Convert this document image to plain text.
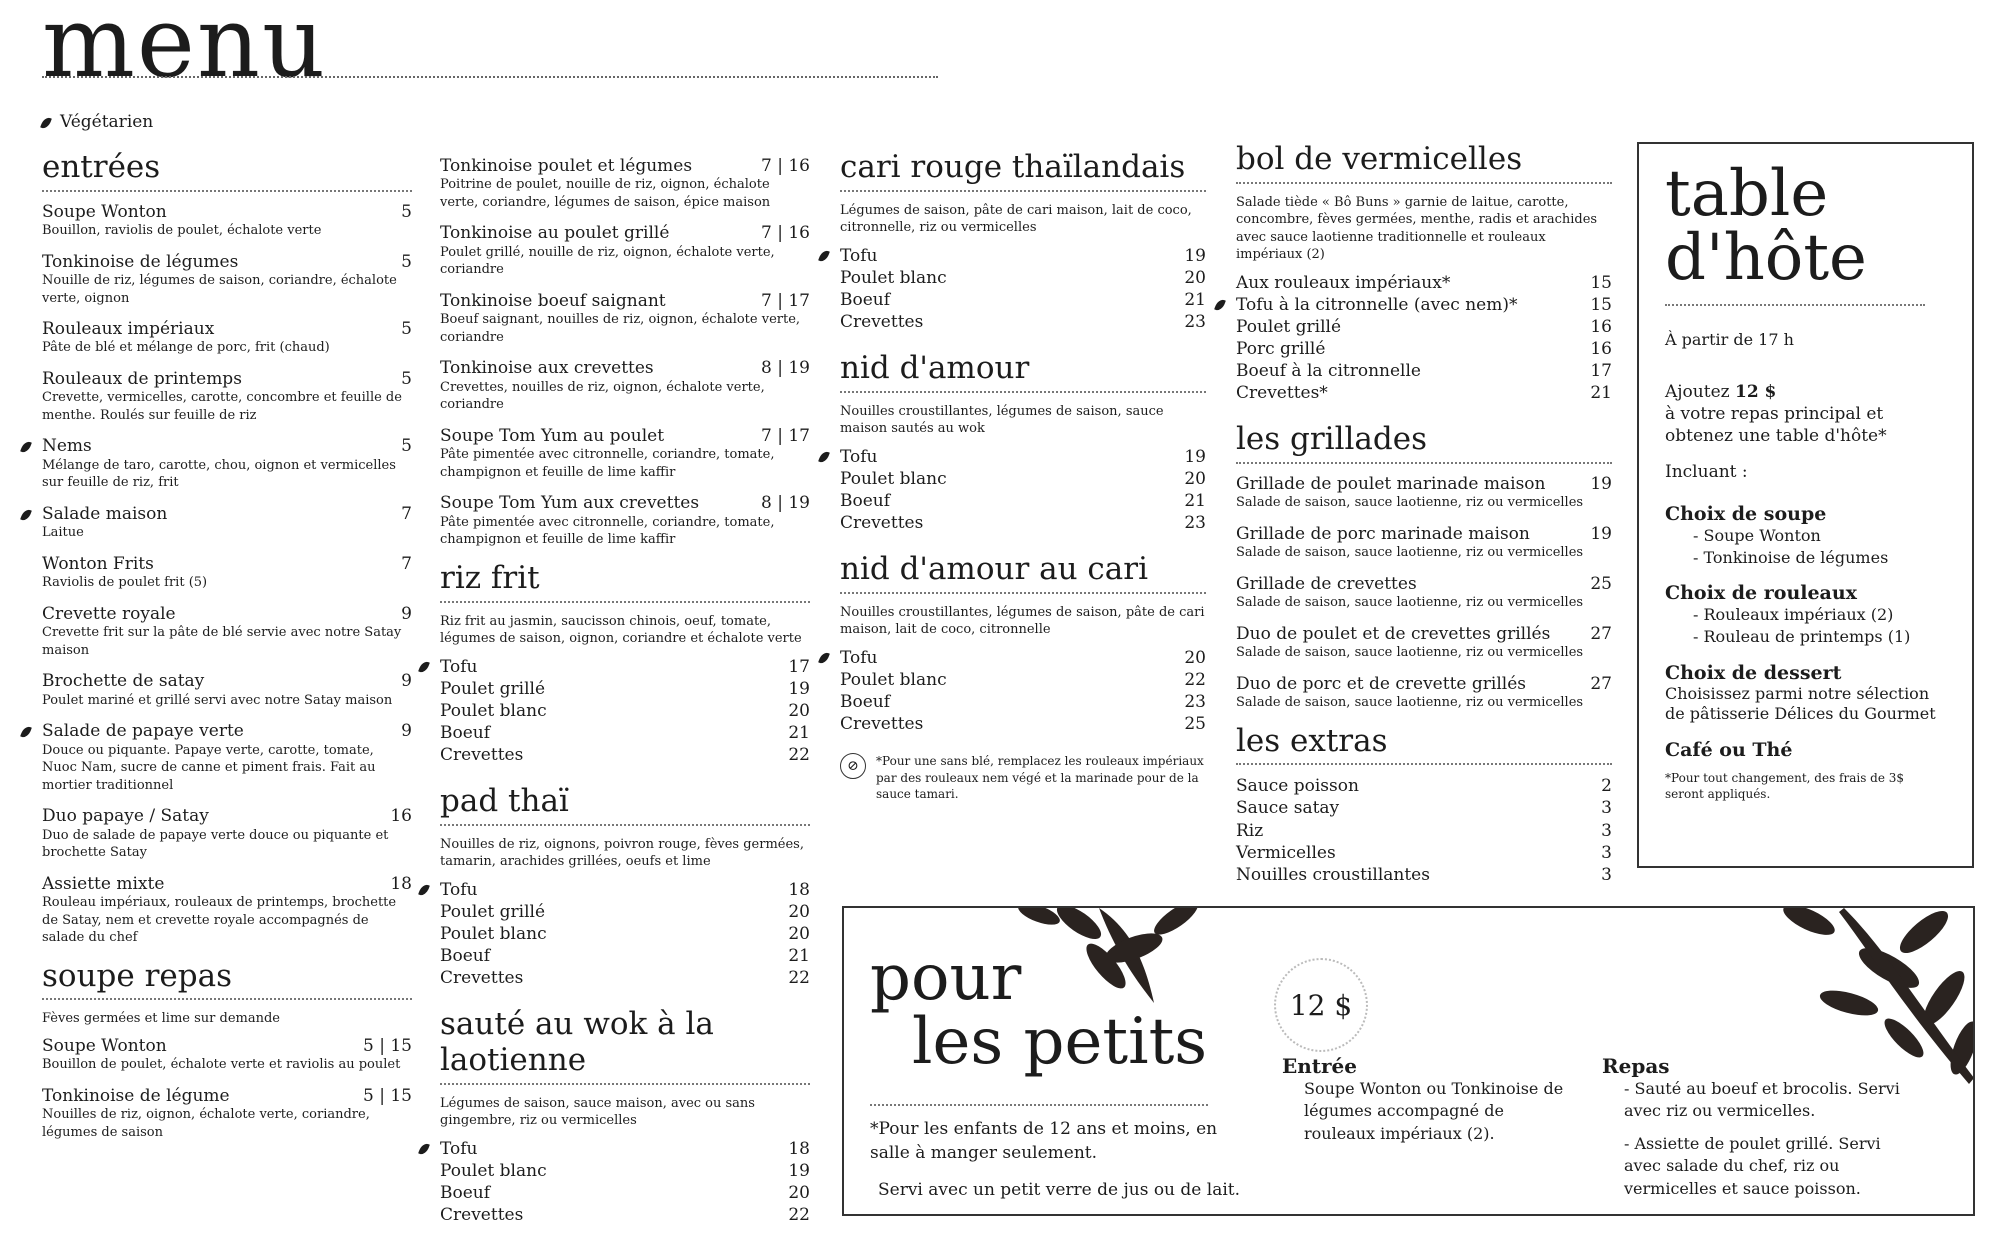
menu
Végétarien
entrées
Soupe Wonton	5
Bouillon, raviolis de poulet, échalote verte
Tonkinoise de légumes	5
Nouille de riz, légumes de saison, coriandre, échalote verte, oignon
Rouleaux impériaux	5
Pâte de blé et mélange de porc, frit (chaud)
Rouleaux de printemps	5
Crevette, vermicelles, carotte, concombre et feuille de menthe. Roulés sur feuille de riz
Nems	5
Mélange de taro, carotte, chou, oignon et vermicelles sur feuille de riz, frit
Salade maison	7
Laitue
Wonton Frits	7
Raviolis de poulet frit (5)
Crevette royale	9
Crevette frit sur la pâte de blé servie avec notre Satay maison
Brochette de satay	9
Poulet mariné et grillé servi avec notre Satay maison
Salade de papaye verte	9
Douce ou piquante. Papaye verte, carotte, tomate, Nuoc Nam, sucre de canne et piment frais. Fait au mortier traditionnel
Duo papaye / Satay	16
Duo de salade de papaye verte douce ou piquante et brochette Satay
Assiette mixte	18
Rouleau impériaux, rouleaux de printemps, brochette de Satay, nem et crevette royale accompagnés de salade du chef
soupe repas
Fèves germées et lime sur demande
Soupe Wonton	5 | 15
Bouillon de poulet, échalote verte et raviolis au poulet
Tonkinoise de légume	5 | 15
Nouilles de riz, oignon, échalote verte, coriandre, légumes de saison
Tonkinoise poulet et légumes	7 | 16
Poitrine de poulet, nouille de riz, oignon, échalote verte, coriandre, légumes de saison, épice maison
Tonkinoise au poulet grillé	7 | 16
Poulet grillé, nouille de riz, oignon, échalote verte, coriandre
Tonkinoise boeuf saignant	7 | 17
Boeuf saignant, nouilles de riz, oignon, échalote verte, coriandre
Tonkinoise aux crevettes	8 | 19
Crevettes, nouilles de riz, oignon, échalote verte, coriandre
Soupe Tom Yum au poulet	7 | 17
Pâte pimentée avec citronnelle, coriandre, tomate, champignon et feuille de lime kaffir
Soupe Tom Yum aux crevettes	8 | 19
Pâte pimentée avec citronnelle, coriandre, tomate, champignon et feuille de lime kaffir
riz frit
Riz frit au jasmin, saucisson chinois, oeuf, tomate, légumes de saison, oignon, coriandre et échalote verte
Tofu	17
Poulet grillé	19
Poulet blanc	20
Boeuf	21
Crevettes	22
pad thaï
Nouilles de riz, oignons, poivron rouge, fèves germées, tamarin, arachides grillées, oeufs et lime
Tofu	18
Poulet grillé	20
Poulet blanc	20
Boeuf	21
Crevettes	22
sauté au wok à la laotienne
Légumes de saison, sauce maison, avec ou sans gingembre, riz ou vermicelles
Tofu	18
Poulet blanc	19
Boeuf	20
Crevettes	22
cari rouge thaïlandais
Légumes de saison, pâte de cari maison, lait de coco, citronnelle, riz ou vermicelles
Tofu	19
Poulet blanc	20
Boeuf	21
Crevettes	23
nid d'amour
Nouilles croustillantes, légumes de saison, sauce maison sautés au wok
Tofu	19
Poulet blanc	20
Boeuf	21
Crevettes	23
nid d'amour au cari
Nouilles croustillantes, légumes de saison, pâte de cari maison, lait de coco, citronnelle
Tofu	20
Poulet blanc	22
Boeuf	23
Crevettes	25
⊘	*Pour une sans blé, remplacez les rouleaux impériaux par des rouleaux nem végé et la marinade pour de la sauce tamari.
bol de vermicelles
Salade tiède « Bô Buns » garnie de laitue, carotte, concombre, fèves germées, menthe, radis et arachides avec sauce laotienne traditionnelle et rouleaux impériaux (2)
Aux rouleaux impériaux*	15
Tofu à la citronnelle (avec nem)*	15
Poulet grillé	16
Porc grillé	16
Boeuf à la citronnelle	17
Crevettes*	21
les grillades
Grillade de poulet marinade maison	19
Salade de saison, sauce laotienne, riz ou vermicelles
Grillade de porc marinade maison	19
Salade de saison, sauce laotienne, riz ou vermicelles
Grillade de crevettes	25
Salade de saison, sauce laotienne, riz ou vermicelles
Duo de poulet et de crevettes grillés 27
Salade de saison, sauce laotienne, riz ou vermicelles
Duo de porc et de crevette grillés	27
Salade de saison, sauce laotienne, riz ou vermicelles
les extras
Sauce poisson	2
Sauce satay	3
Riz	3
Vermicelles	3
Nouilles croustillantes	3
table
d'hôte
À partir de 17 h
Ajoutez 12 $
à votre repas principal et obtenez une table d'hôte*
Incluant :
Choix de soupe
- Soupe Wonton
- Tonkinoise de légumes
Choix de rouleaux
- Rouleaux impériaux (2)
- Rouleau de printemps (1)
Choix de dessert
Choisissez parmi notre sélection de pâtisserie Délices du Gourmet
Café ou Thé
*Pour tout changement, des frais de 3$ seront appliqués.
pour
les petits
*Pour les enfants de 12 ans et moins, en salle à manger seulement.
Servi avec un petit verre de jus ou de lait.
12 $
Entrée
Soupe Wonton ou Tonkinoise de légumes accompagné de rouleaux impériaux (2).
Repas
- Sauté au boeuf et brocolis. Servi avec riz ou vermicelles.
- Assiette de poulet grillé. Servi avec salade du chef, riz ou vermicelles et sauce poisson.
